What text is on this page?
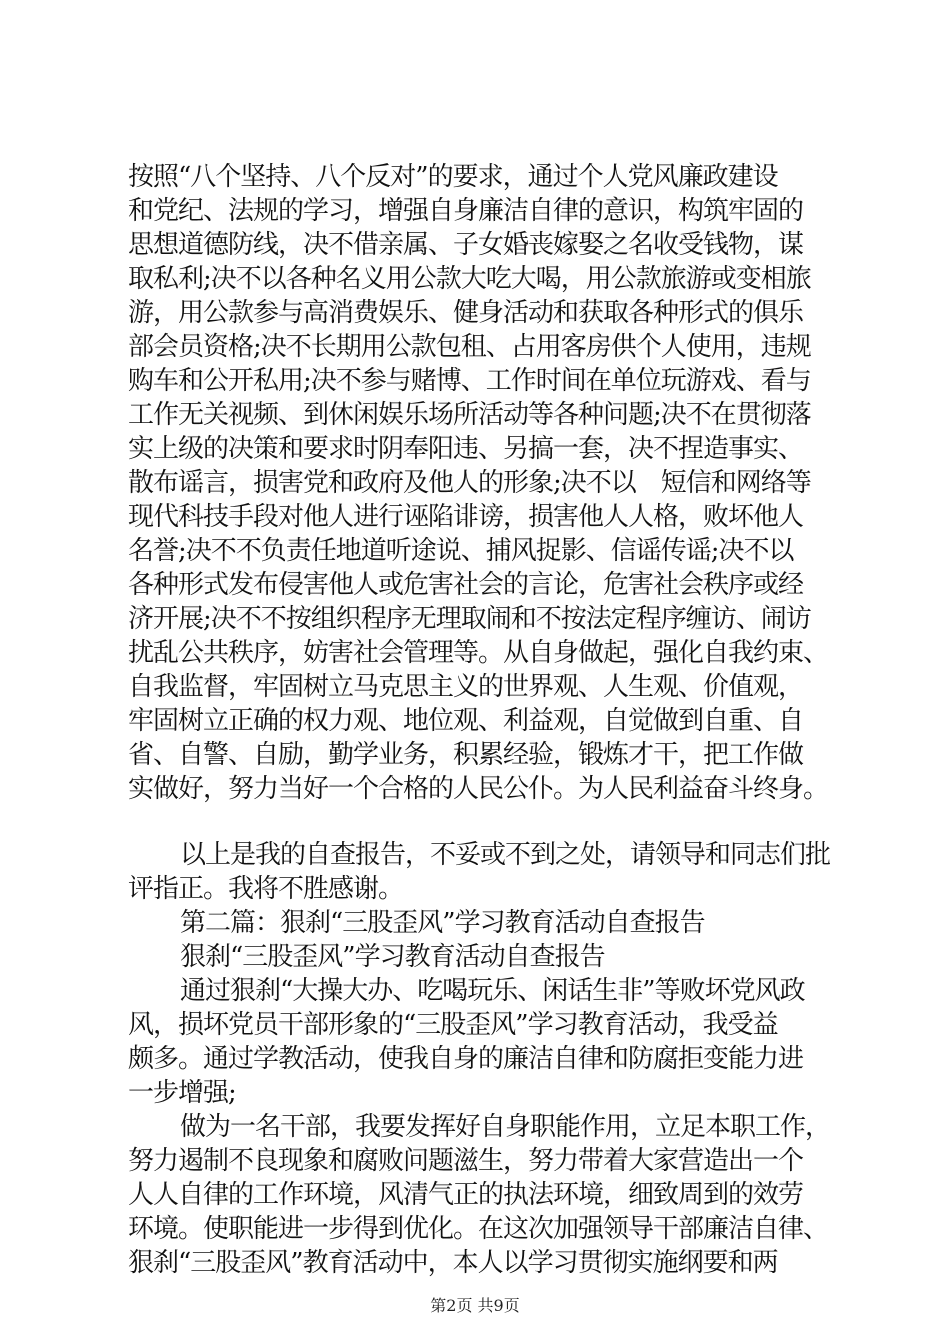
按照“八个坚持、八个反对”的要求，通过个人党风廉政建设
和党纪、法规的学习，增强自身廉洁自律的意识，构筑牢固的
思想道德防线，决不借亲属、子女婚丧嫁娶之名收受钱物，谋
取私利;决不以各种名义用公款大吃大喝，用公款旅游或变相旅
游，用公款参与高消费娱乐、健身活动和获取各种形式的俱乐
部会员资格;决不长期用公款包租、占用客房供个人使用，违规
购车和公开私用;决不参与赌博、工作时间在单位玩游戏、看与
工作无关视频、到休闲娱乐场所活动等各种问题;决不在贯彻落
实上级的决策和要求时阴奉阳违、另搞一套，决不捏造事实、
散布谣言，损害党和政府及他人的形象;决不以　短信和网络等
现代科技手段对他人进行诬陷诽谤，损害他人人格，败坏他人
名誉;决不不负责任地道听途说、捕风捉影、信谣传谣;决不以
各种形式发布侵害他人或危害社会的言论，危害社会秩序或经
济开展;决不不按组织程序无理取闹和不按法定程序缠访、闹访
扰乱公共秩序，妨害社会管理等。从自身做起，强化自我约束、
自我监督，牢固树立马克思主义的世界观、人生观、价值观，
牢固树立正确的权力观、地位观、利益观，自觉做到自重、自
省、自警、自励，勤学业务，积累经验，锻炼才干，把工作做
实做好，努力当好一个合格的人民公仆。为人民利益奋斗终身。
以上是我的自查报告，不妥或不到之处，请领导和同志们批
评指正。我将不胜感谢。
第二篇：狠刹“三股歪风”学习教育活动自查报告
狠刹“三股歪风”学习教育活动自查报告
通过狠刹“大操大办、吃喝玩乐、闲话生非”等败坏党风政
风，损坏党员干部形象的“三股歪风”学习教育活动，我受益
颇多。通过学教活动，使我自身的廉洁自律和防腐拒变能力进
一步增强;
做为一名干部，我要发挥好自身职能作用，立足本职工作，
努力遏制不良现象和腐败问题滋生，努力带着大家营造出一个
人人自律的工作环境，风清气正的执法环境，细致周到的效劳
环境。使职能进一步得到优化。在这次加强领导干部廉洁自律、
狠刹“三股歪风”教育活动中，本人以学习贯彻实施纲要和两
第2页 共9页
